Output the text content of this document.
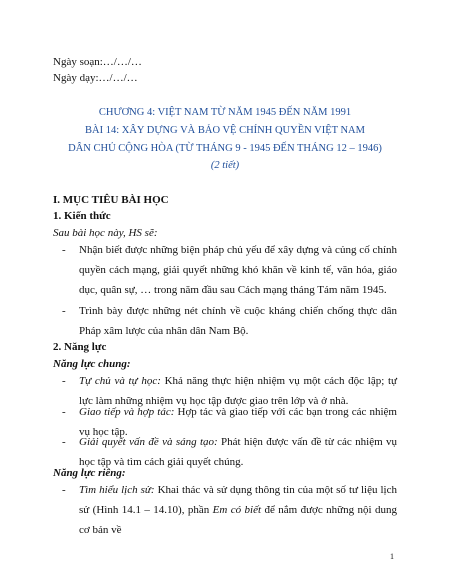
Ngày soạn:…/…/…
Ngày dạy:…/…/…
CHƯƠNG 4: VIỆT NAM TỪ NĂM 1945 ĐẾN NĂM 1991
BÀI 14: XÂY DỰNG VÀ BẢO VỆ CHÍNH QUYỀN VIỆT NAM
DÂN CHỦ CỘNG HÒA (TỪ THÁNG 9 - 1945 ĐẾN THÁNG 12 – 1946)
(2 tiết)
I. MỤC TIÊU BÀI HỌC
1. Kiến thức
Sau bài học này, HS sẽ:
- Nhận biết được những biện pháp chủ yếu để xây dựng và củng cố chính quyền cách mạng, giải quyết những khó khăn về kinh tế, văn hóa, giáo dục, quân sự, … trong năm đầu sau Cách mạng tháng Tám năm 1945.
- Trình bày được những nét chính về cuộc kháng chiến chống thực dân Pháp xâm lược của nhân dân Nam Bộ.
2. Năng lực
Năng lực chung:
- Tự chủ và tự học: Khả năng thực hiện nhiệm vụ một cách độc lập; tự lực làm những nhiệm vụ học tập được giao trên lớp và ở nhà.
- Giao tiếp và hợp tác: Hợp tác và giao tiếp với các bạn trong các nhiệm vụ học tập.
- Giải quyết vấn đề và sáng tạo: Phát hiện được vấn đề từ các nhiệm vụ học tập và tìm cách giải quyết chúng.
Năng lực riêng:
- Tìm hiểu lịch sử: Khai thác và sử dụng thông tin của một số tư liệu lịch sử (Hình 14.1 – 14.10), phần Em có biết để nắm được những nội dung cơ bản về
1
